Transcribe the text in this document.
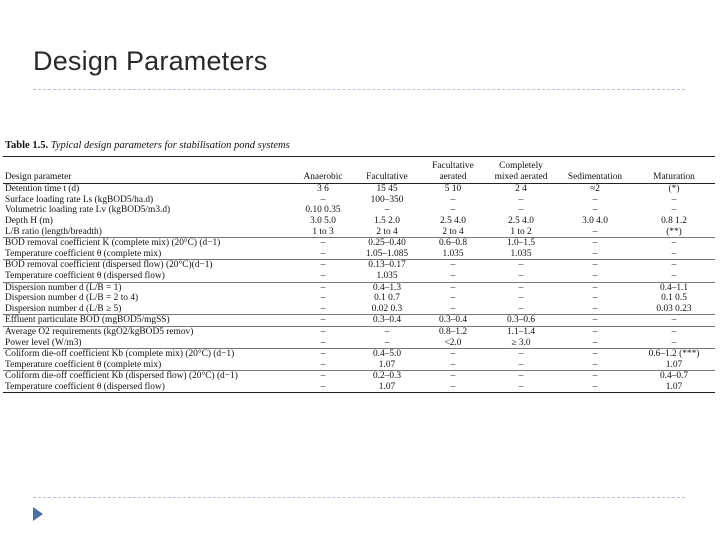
Design Parameters
Table 1.5. Typical design parameters for stabilisation pond systems
Design parameter	Anaerobic	Facultative	Facultative aerated	Completely mixed aerated	Sedimentation	Maturation
Detention time t (d)	3 6	15 45	5 10	2 4	≈2	(*)
Surface loading rate Ls (kgBOD5/ha.d)	–	100–350	–	–	–	–
Volumetric loading rate Lv (kgBOD5/m3.d)	0.10 0.35	–	–	–	–	–
Depth H (m)	3.0 5.0	1.5 2.0	2.5 4.0	2.5 4.0	3.0 4.0	0.8 1.2
L/B ratio (length/breadth)	1 to 3	2 to 4	2 to 4	1 to 2	–	(**)
BOD removal coefficient K (complete mix) (20°C) (d−1)	–	0.25–0.40	0.6–0.8	1.0–1.5	–	–
Temperature coefficient θ (complete mix)	–	1.05–1.085	1.035	1.035	–	–
BOD removal coefficient (dispersed flow) (20°C)(d−1)	–	0.13–0.17	–	–	–	–
Temperature coefficient θ (dispersed flow)	–	1.035	–	–	–	–
Dispersion number d (L/B = 1)	–	0.4–1.3	–	–	–	0.4–1.1
Dispersion number d (L/B = 2 to 4)	–	0.1 0.7	–	–	–	0.1 0.5
Dispersion number d (L/B ≥ 5)	–	0.02 0.3	–	–	–	0.03 0.23
Effluent particulate BOD (mgBOD5/mgSS)	–	0.3–0.4	0.3–0.4	0.3–0.6	–	–
Average O2 requirements (kgO2/kgBOD5 remov)	–	–	0.8–1.2	1.1–1.4	–	–
Power level (W/m3)	–	–	<2.0	≥ 3.0	–	–
Coliform die-off coefficient Kb (complete mix) (20°C) (d−1)	–	0.4–5.0	–	–	–	0.6–1.2 (***)
Temperature coefficient θ (complete mix)	–	1.07	–	–	–	1.07
Coliform die-off coefficient Kb (dispersed flow) (20°C) (d−1)	–	0.2–0.3	–	–	–	0.4–0.7
Temperature coefficient θ (dispersed flow)	–	1.07	–	–	–	1.07
